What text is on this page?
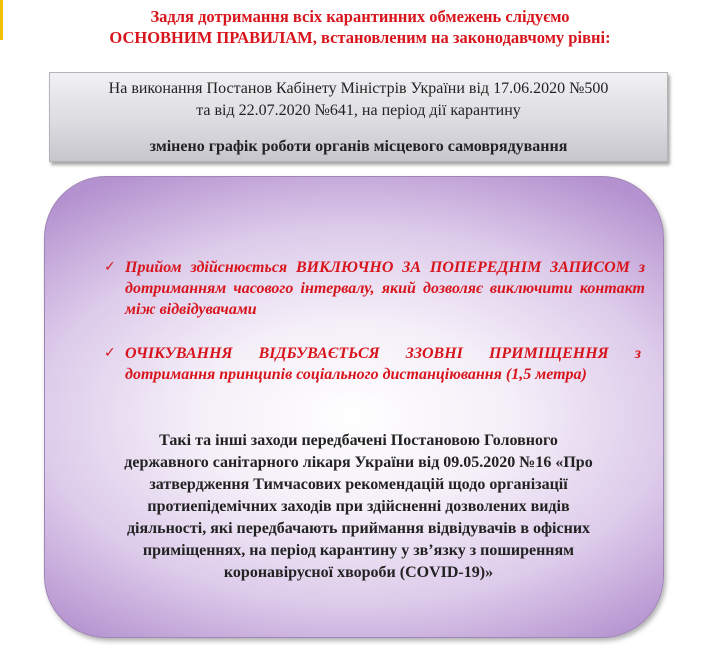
Задля дотримання всіх карантинних обмежень слідуємо
ОСНОВНИМ ПРАВИЛАМ, встановленим на законодавчому рівні:
На виконання Постанов Кабінету Міністрів України від 17.06.2020 №500
та від 22.07.2020 №641, на період дії карантину
змінено графік роботи органів місцевого самоврядування
✓ Прийом здійснюється ВИКЛЮЧНО ЗА ПОПЕРЕДНІМ ЗАПИСОМ з дотриманням часового інтервалу, який дозволяє виключити контакт між відвідувачами
✓ ОЧІКУВАННЯ ВІДБУВАЄТЬСЯ ЗЗОВНІ ПРИМІЩЕННЯ з дотримання принципів соціального дистанціювання (1,5 метра)
Такі та інші заходи передбачені Постановою Головного
державного санітарного лікаря України від 09.05.2020 №16 «Про
затвердження Тимчасових рекомендацій щодо організації
протиепідемічних заходів при здійсненні дозволених видів
діяльності, які передбачають приймання відвідувачів в офісних
приміщеннях, на період карантину у зв’язку з поширенням
коронавірусної хвороби (COVID-19)»
